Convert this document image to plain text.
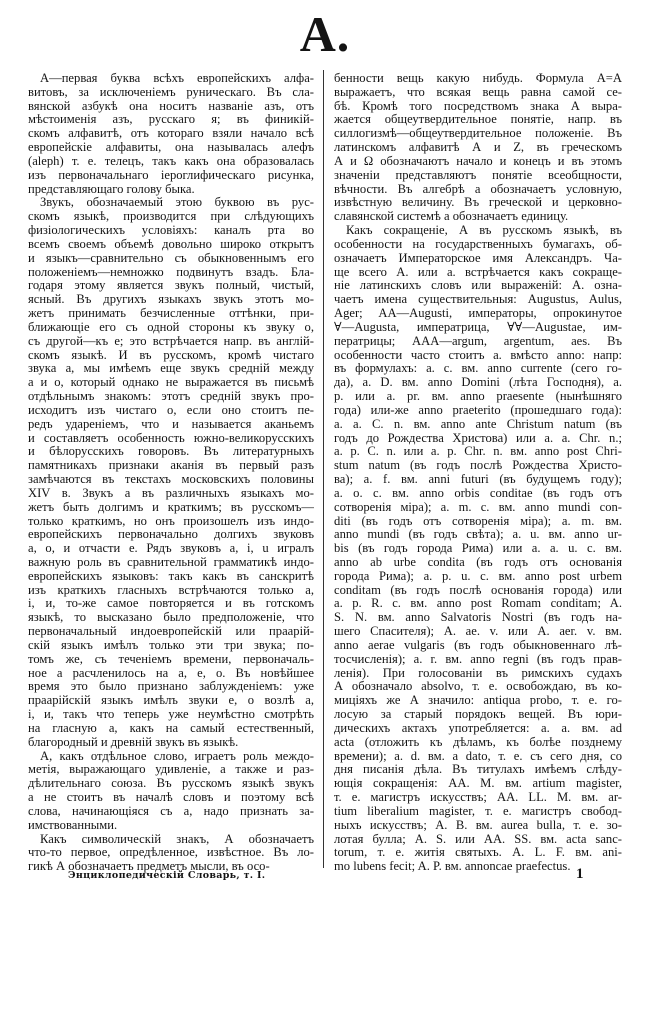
А.
А—первая буква всѣхъ европейскихъ алфа-
витовъ, за исключеніемъ руническаго. Въ сла-
вянской азбукѣ она носитъ названіе азъ, отъ
мѣстоименія азъ, русскаго я; въ финикій-
скомъ алфавитѣ, отъ котораго взяли начало всѣ
европейскіе алфавиты, она называлась алефъ
(aleph) т. е. телецъ, такъ какъ она образовалась
изъ первоначальнаго іероглифическаго рисунка,
представляющаго голову быка.
Звукъ, обозначаемый этою буквою въ рус-
скомъ языкѣ, производится при слѣдующихъ
физіологическихъ условіяхъ: каналъ рта во
всемъ своемъ объемѣ довольно широко открытъ
и языкъ—сравнительно съ обыкновеннымъ его
положеніемъ—немножко подвинутъ взадъ. Бла-
годаря этому является звукъ полный, чистый,
ясный. Въ другихъ языкахъ звукъ этотъ мо-
жетъ принимать безчисленные оттѣнки, при-
ближающіе его съ одной стороны къ звуку о,
съ другой—къ е; это встрѣчается напр. въ англій-
скомъ языкѣ. И въ русскомъ, кромѣ чистаго
звука а, мы имѣемъ еще звукъ средній между
а и о, который однако не выражается въ письмѣ
отдѣльнымъ знакомъ: этотъ средній звукъ про-
исходитъ изъ чистаго о, если оно стоитъ пе-
редъ удареніемъ, что и называется аканьемъ
и составляетъ особенность южно-великорусскихъ
и бѣлорусскихъ говоровъ. Въ литературныхъ
памятникахъ признаки аканія въ первый разъ
замѣчаются въ текстахъ московскихъ половины
XIV в. Звукъ а въ различныхъ языкахъ мо-
жетъ быть долгимъ и краткимъ; въ русскомъ—
только краткимъ, но онъ произошелъ изъ индо-
европейскихъ первоначально долгихъ звуковъ
а, о, и отчасти е. Рядъ звуковъ a, i, u игралъ
важную роль въ сравнительной грамматикѣ индо-
европейскихъ языковъ: такъ какъ въ санскритѣ
изъ краткихъ гласныхъ встрѣчаются только а,
і, и, то-же самое повторяется и въ готскомъ
языкѣ, то высказано было предположеніе, что
первоначальный индоевропейскій или праарій-
скій языкъ имѣлъ только эти три звука; по-
томъ же, съ теченіемъ времени, первоначаль-
ное а расчленилось на а, е, о. Въ новѣйшее
время это было признано заблужденіемъ: уже
праарійскій языкъ имѣлъ звуки е, о возлѣ а,
і, и, такъ что теперь уже неумѣстно смотрѣть
на гласную а, какъ на самый естественный,
благородный и древній звукъ въ языкѣ.
А, какъ отдѣльное слово, играетъ роль междо-
метія, выражающаго удивленіе, а также и раз-
дѣлительнаго союза. Въ русскомъ языкѣ звукъ
а не стоитъ въ началѣ словъ и поэтому всѣ
слова, начинающіяся съ а, надо признать за-
имствованными.
Какъ символическій знакъ, А обозначаетъ
что-то первое, опредѣленное, извѣстное. Въ ло-
гикѣ А обозначаетъ предметъ мысли, въ осо-
бенности вещь какую нибудь. Формула А=А
выражаетъ, что всякая вещь равна самой се-
бѣ. Кромѣ того посредствомъ знака А выра-
жается общеутвердительное понятіе, напр. въ
силлогизмѣ—общеутвердительное положеніе. Въ
латинскомъ алфавитѣ А и Z, въ греческомъ
А и Ω обозначаютъ начало и конецъ и въ этомъ
значеніи представляютъ понятіе всеобщности,
вѣчности. Въ алгебрѣ а обозначаетъ условную,
извѣстную величину. Въ греческой и церковно-
славянской системѣ а обозначаетъ единицу.
Какъ сокращеніе, А въ русскомъ языкѣ, въ
особенности на государственныхъ бумагахъ, об-
означаетъ Императорское имя Александръ. Ча-
ще всего А. или а. встрѣчается какъ сокраще-
ніе латинскихъ словъ или выраженій: А. озна-
чаетъ имена существительныя: Augustus, Aulus,
Ager; AA—Augusti, императоры, опрокинутое
∀—Augusta, императрица, ∀∀—Augustae, им-
ператрицы; AAA—argum, argentum, aes. Въ
особенности часто стоитъ а. вмѣсто anno: напр:
въ формулахъ: a. c. вм. anno currente (сего го-
да), a. D. вм. anno Domini (лѣта Господня), a.
p. или a. pr. вм. anno praesente (нынѣшняго
года) или-же anno praeterito (прошедшаго года):
a. a. C. n. вм. anno ante Christum natum (въ
годъ до Рождества Христова) или a. a. Chr. n.;
a. p. C. n. или a. p. Chr. n. вм. anno post Chri-
stum natum (въ годъ послѣ Рождества Христо-
ва); a. f. вм. anni futuri (въ будущемъ году);
a. o. c. вм. anno orbis conditae (въ годъ отъ
сотворенія міра); a. m. c. вм. anno mundi con-
diti (въ годъ отъ сотворенія міра); a. m. вм.
anno mundi (въ годъ свѣта); a. u. вм. anno ur-
bis (въ годъ города Рима) или a. a. u. c. вм.
anno ab urbe condita (въ годъ отъ основанія
города Рима); a. p. u. c. вм. anno post urbem
conditam (въ годъ послѣ основанія города) или
a. p. R. c. вм. anno post Romam conditam; A.
S. N. вм. anno Salvatoris Nostri (въ годъ на-
шего Спасителя); A. ae. v. или A. aer. v. вм.
anno aerae vulgaris (въ годъ обыкновеннаго лѣ-
тосчисленія); a. r. вм. anno regni (въ годъ прав-
ленія). При голосованіи въ римскихъ судахъ
А обозначало absolvo, т. е. освобождаю, въ ко-
миціяхъ же А значило: antiqua probo, т. е. го-
лосую за старый порядокъ вещей. Въ юри-
дическихъ актахъ употребляется: a. a. вм. ad
acta (отложить къ дѣламъ, къ болѣе позднему
времени); a. d. вм. a dato, т. е. съ сего дня, со
дня писанія дѣла. Въ титулахъ имѣемъ слѣду-
ющія сокращенія: AA. M. вм. artium magister,
т. е. магистръ искусствъ; AA. LL. M. вм. ar-
tium liberalium magister, т. е. магистръ свобод-
ныхъ искусствъ; A. B. вм. aurea bulla, т. е. зо-
лотая булла; A. S. или AA. SS. вм. acta sanc-
torum, т. е. житія святыхъ. A. L. F. вм. ani-
mo lubens fecit; A. P. вм. annoncae praefectus.
Энциклопедическій Словарь, т. I.	1
